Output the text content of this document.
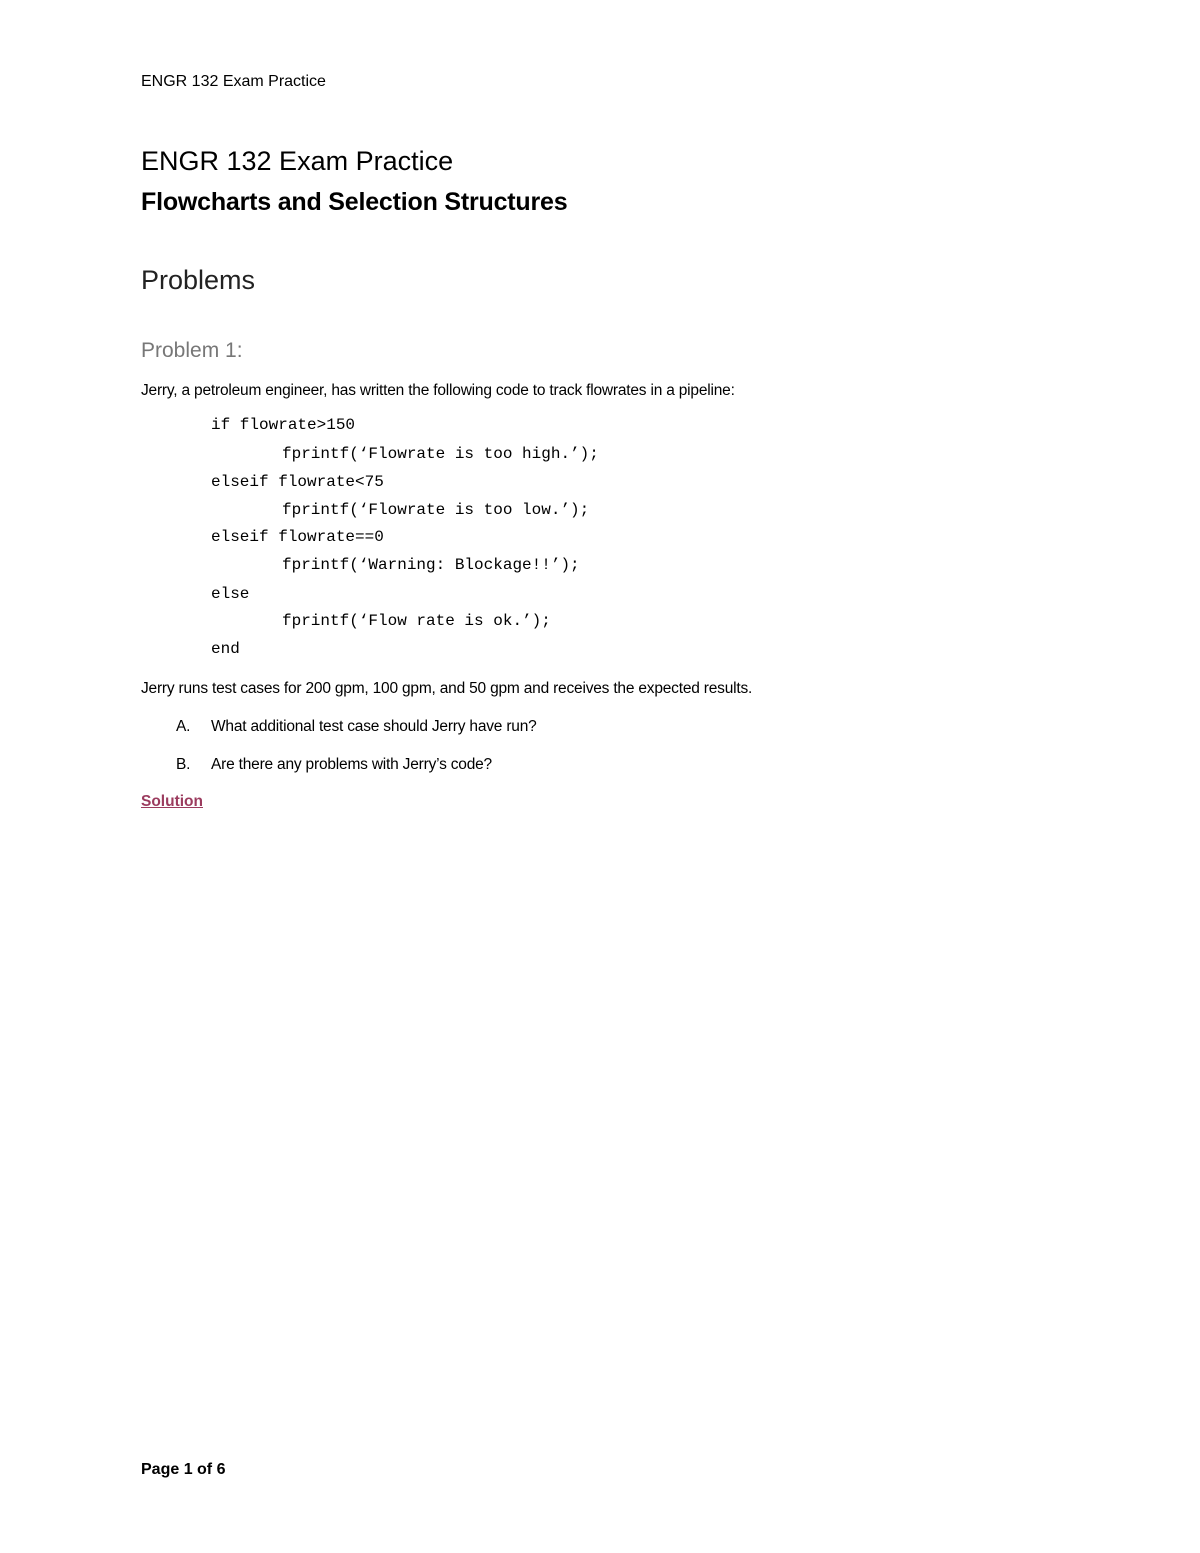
ENGR 132 Exam Practice
ENGR 132 Exam Practice
Flowcharts and Selection Structures
Problems
Problem 1:
Jerry, a petroleum engineer, has written the following code to track flowrates in a pipeline:

if flowrate>150

fprintf(‘Flowrate is too high.’);

elseif flowrate<75

fprintf(‘Flowrate is too low.’);

elseif flowrate==0

fprintf(‘Warning: Blockage!!’);

else

fprintf(‘Flow rate is ok.’);

end

Jerry runs test cases for 200 gpm, 100 gpm, and 50 gpm and receives the expected results.
A. What additional test case should Jerry have run?
B. Are there any problems with Jerry’s code?
Solution
Page 1 of 6
